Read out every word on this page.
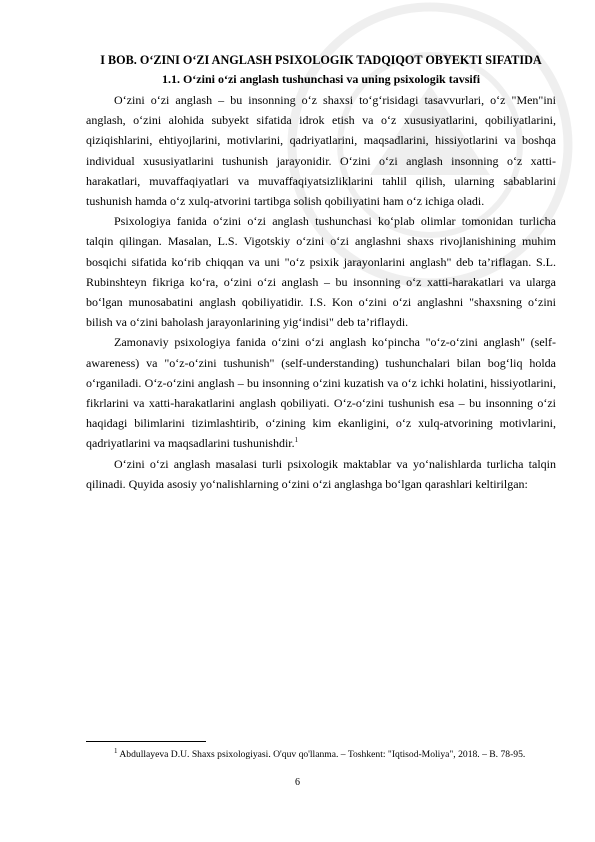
I BOB. O‘ZINI O‘ZI ANGLASH PSIXOLOGIK TADQIQOT OBYEKTI SIFATIDA

1.1. O‘zini o‘zi anglash tushunchasi va uning psixologik tavsifi

O‘zini o‘zi anglash – bu insonning o‘z shaxsi to‘g‘risidagi tasavvurlari, o‘z "Men"ini anglash, o‘zini alohida subyekt sifatida idrok etish va o‘z xususiyatlarini, qobiliyatlarini, qiziqishlarini, ehtiyojlarini, motivlarini, qadriyatlarini, maqsadlarini, hissiyotlarini va boshqa individual xususiyatlarini tushunish jarayonidir. O‘zini o‘zi anglash insonning o‘z xatti-harakatlari, muvaffaqiyatlari va muvaffaqiyatsizliklarini tahlil qilish, ularning sabablarini tushunish hamda o‘z xulq-atvorini tartibga solish qobiliyatini ham o‘z ichiga oladi.

Psixologiya fanida o‘zini o‘zi anglash tushunchasi ko‘plab olimlar tomonidan turlicha talqin qilingan. Masalan, L.S. Vigotskiy o‘zini o‘zi anglashni shaxs rivojlanishining muhim bosqichi sifatida ko‘rib chiqqan va uni "o‘z psixik jarayonlarini anglash" deb ta’riflagan. S.L. Rubinshteyn fikriga ko‘ra, o‘zini o‘zi anglash – bu insonning o‘z xatti-harakatlari va ularga bo‘lgan munosabatini anglash qobiliyatidir. I.S. Kon o‘zini o‘zi anglashni "shaxsning o‘zini bilish va o‘zini baholash jarayonlarining yig‘indisi" deb ta’riflaydi.

Zamonaviy psixologiya fanida o‘zini o‘zi anglash ko‘pincha "o‘z-o‘zini anglash" (self-awareness) va "o‘z-o‘zini tushunish" (self-understanding) tushunchalari bilan bog‘liq holda o‘rganiladi. O‘z-o‘zini anglash – bu insonning o‘zini kuzatish va o‘z ichki holatini, hissiyotlarini, fikrlarini va xatti-harakatlarini anglash qobiliyati. O‘z-o‘zini tushunish esa – bu insonning o‘zi haqidagi bilimlarini tizimlashtirib, o‘zining kim ekanligini, o‘z xulq-atvorining motivlarini, qadriyatlarini va maqsadlarini tushunishdir.$^1$

O‘zini o‘zi anglash masalasi turli psixologik maktablar va yo‘nalishlarda turlicha talqin qilinadi. Quyida asosiy yo‘nalishlarning o‘zini o‘zi anglashga bo‘lgan qarashlari keltirilgan:

$^1$ Abdullayeva D.U. Shaxs psixologiyasi. O'quv qo'llanma. – Toshkent: "Iqtisod-Moliya", 2018. – B. 78-95.

6
